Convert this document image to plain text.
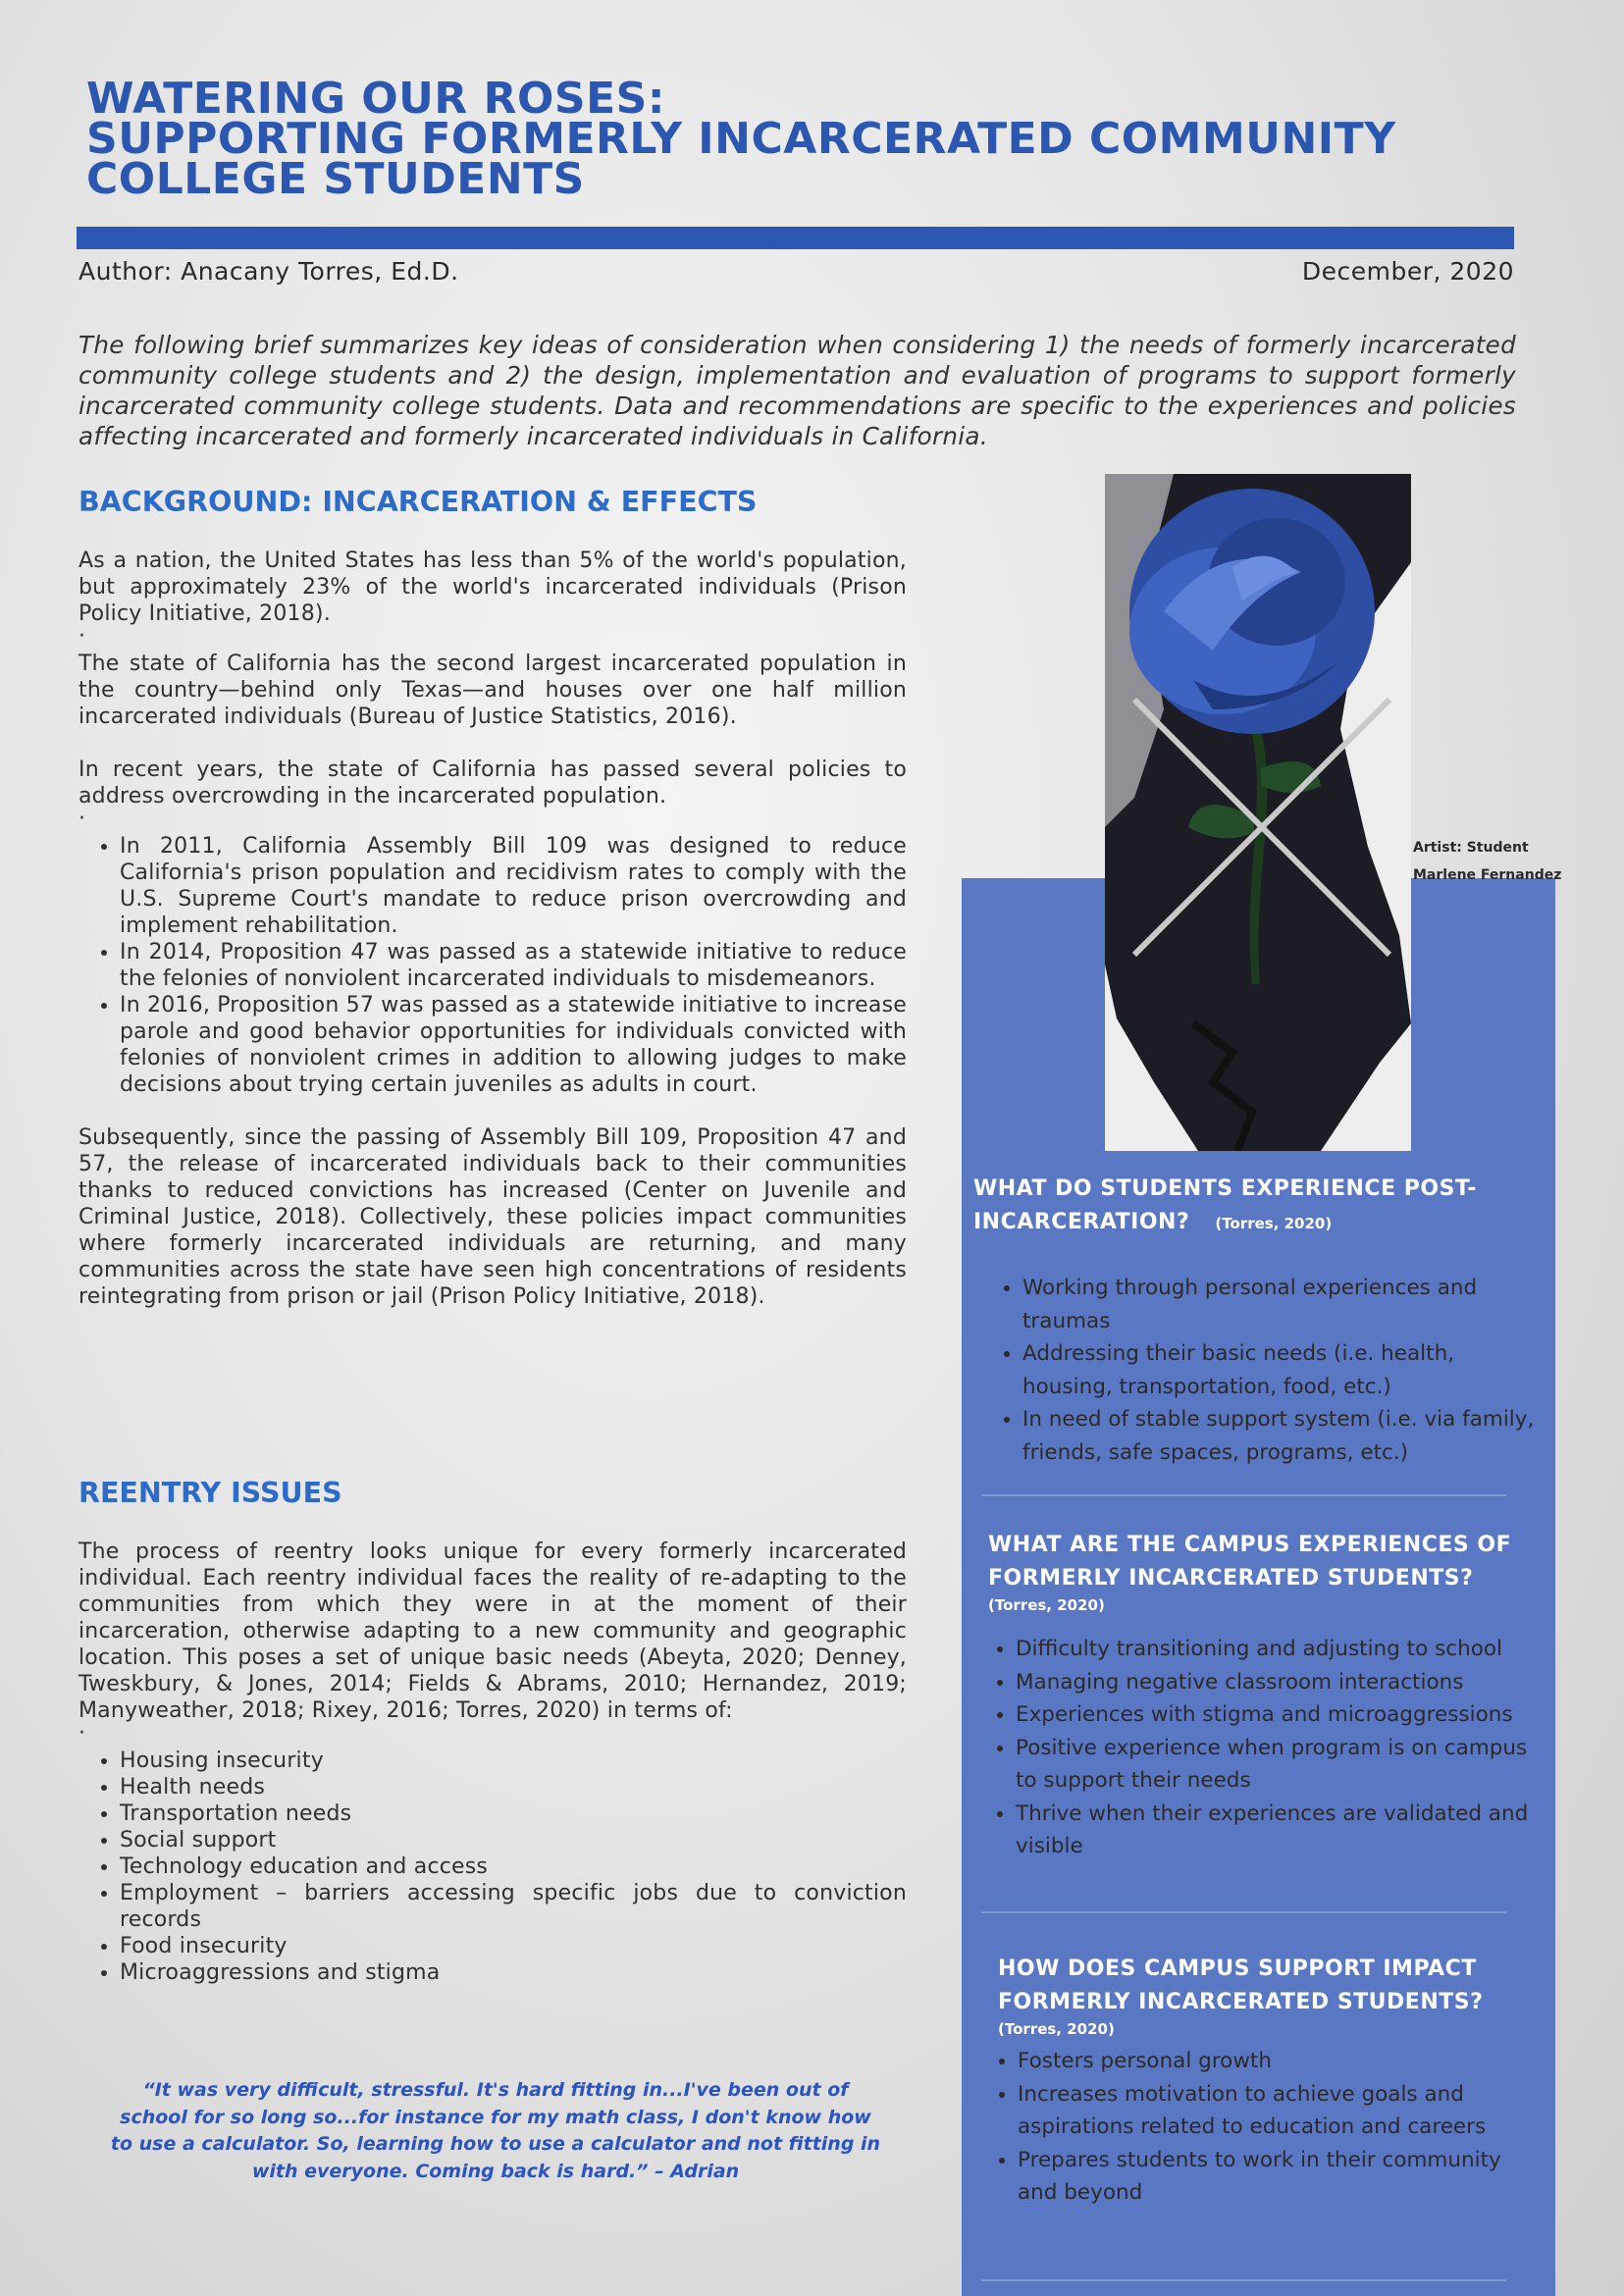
WATERING OUR ROSES:
SUPPORTING FORMERLY INCARCERATED COMMUNITY
COLLEGE STUDENTS
Author: Anacany Torres, Ed.D.	December, 2020

The following brief summarizes key ideas of consideration when considering 1) the needs of formerly incarcerated community college students and 2) the design, implementation and evaluation of programs to support formerly incarcerated community college students. Data and recommendations are specific to the experiences and policies affecting incarcerated and formerly incarcerated individuals in California.

BACKGROUND: INCARCERATION & EFFECTS

As a nation, the United States has less than 5% of the world's population, but approximately 23% of the world's incarcerated individuals (Prison Policy Initiative, 2018).

·

The state of California has the second largest incarcerated population in the country—behind only Texas—and houses over one half million incarcerated individuals (Bureau of Justice Statistics, 2016).

In recent years, the state of California has passed several policies to address overcrowding in the incarcerated population.

·
• In 2011, California Assembly Bill 109 was designed to reduce California's prison population and recidivism rates to comply with the U.S. Supreme Court's mandate to reduce prison overcrowding and implement rehabilitation.
• In 2014, Proposition 47 was passed as a statewide initiative to reduce the felonies of nonviolent incarcerated individuals to misdemeanors.
• In 2016, Proposition 57 was passed as a statewide initiative to increase parole and good behavior opportunities for individuals convicted with felonies of nonviolent crimes in addition to allowing judges to make decisions about trying certain juveniles as adults in court.

Subsequently, since the passing of Assembly Bill 109, Proposition 47 and 57, the release of incarcerated individuals back to their communities thanks to reduced convictions has increased (Center on Juvenile and Criminal Justice, 2018). Collectively, these policies impact communities where formerly incarcerated individuals are returning, and many communities across the state have seen high concentrations of residents reintegrating from prison or jail (Prison Policy Initiative, 2018).

REENTRY ISSUES

The process of reentry looks unique for every formerly incarcerated individual. Each reentry individual faces the reality of re-adapting to the communities from which they were in at the moment of their incarceration, otherwise adapting to a new community and geographic location. This poses a set of unique basic needs (Abeyta, 2020; Denney, Tweskbury, & Jones, 2014; Fields & Abrams, 2010; Hernandez, 2019; Manyweather, 2018; Rixey, 2016; Torres, 2020) in terms of:

·
• Housing insecurity
• Health needs
• Transportation needs
• Social support
• Technology education and access
• Employment – barriers accessing specific jobs due to conviction records
• Food insecurity
• Microaggressions and stigma

“It was very difficult, stressful. It's hard fitting in...I've been out of school for so long so...for instance for my math class, I don't know how to use a calculator. So, learning how to use a calculator and not fitting in with everyone. Coming back is hard.” – Adrian

Artist: Student
Marlene Fernandez
WHAT DO STUDENTS EXPERIENCE POST-
INCARCERATION? (Torres, 2020)
• Working through personal experiences and traumas
• Addressing their basic needs (i.e. health, housing, transportation, food, etc.)
• In need of stable support system (i.e. via family, friends, safe spaces, programs, etc.)
WHAT ARE THE CAMPUS EXPERIENCES OF
FORMERLY INCARCERATED STUDENTS?
(Torres, 2020)
• Difficulty transitioning and adjusting to school
• Managing negative classroom interactions
• Experiences with stigma and microaggressions
• Positive experience when program is on campus to support their needs
• Thrive when their experiences are validated and visible
HOW DOES CAMPUS SUPPORT IMPACT
FORMERLY INCARCERATED STUDENTS?
(Torres, 2020)
• Fosters personal growth
• Increases motivation to achieve goals and aspirations related to education and careers
• Prepares students to work in their community and beyond
